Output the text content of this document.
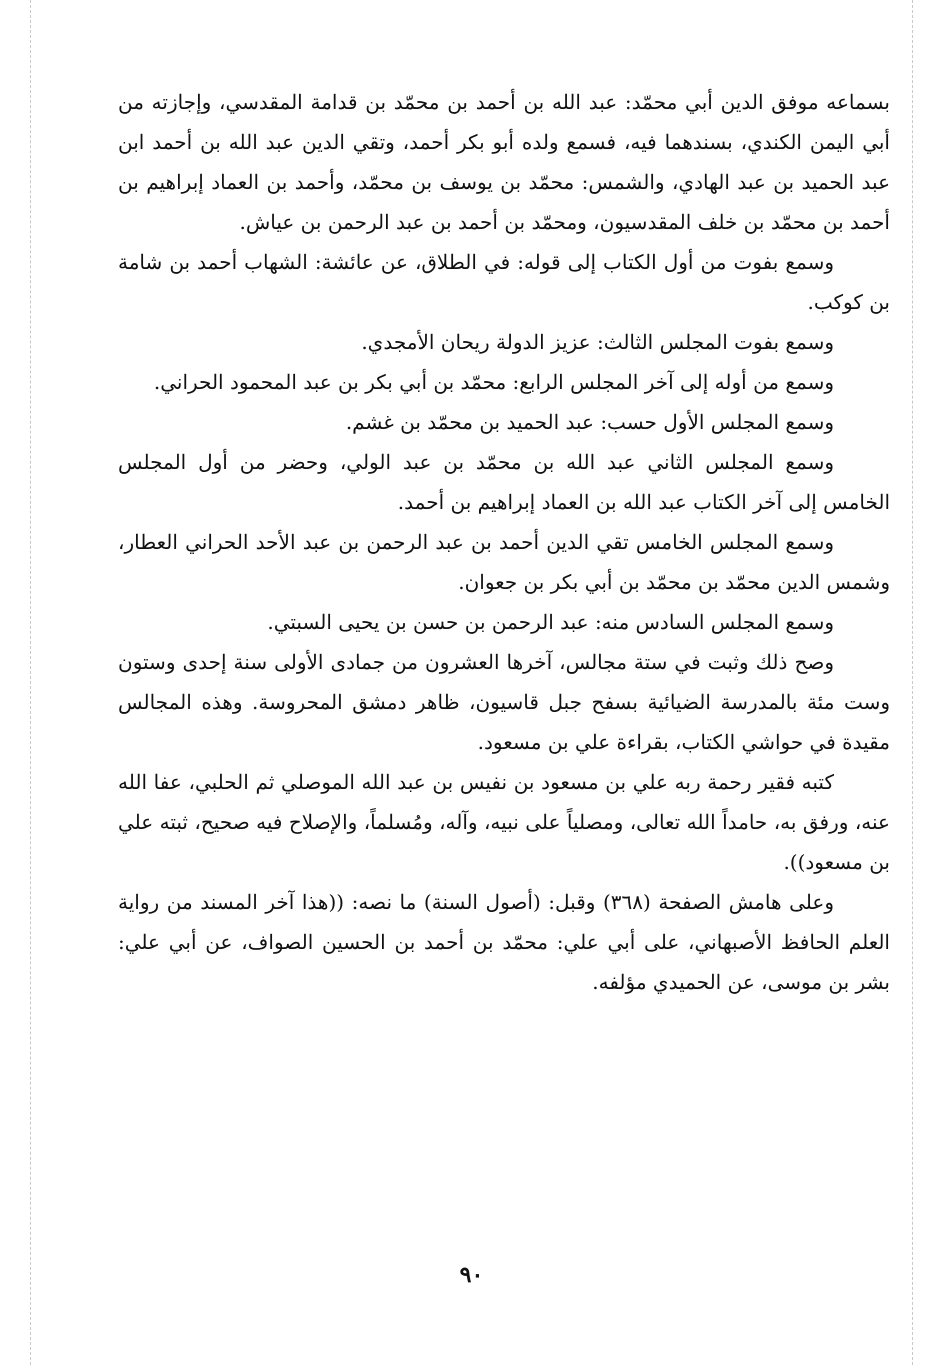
بسماعه موفق الدين أبي محمّد: عبد الله بن أحمد بن محمّد بن قدامة المقدسي، وإجازته من أبي اليمن الكندي، بسندهما فيه، فسمع ولده أبو بكر أحمد، وتقي الدين عبد الله بن أحمد ابن عبد الحميد بن عبد الهادي، والشمس: محمّد بن يوسف بن محمّد، وأحمد بن العماد إبراهيم بن أحمد بن محمّد بن خلف المقدسيون، ومحمّد بن أحمد بن عبد الرحمن بن عياش.

وسمع بفوت من أول الكتاب إلى قوله: في الطلاق، عن عائشة: الشهاب أحمد بن شامة بن كوكب.

وسمع بفوت المجلس الثالث: عزيز الدولة ريحان الأمجدي.

وسمع من أوله إلى آخر المجلس الرابع: محمّد بن أبي بكر بن عبد المحمود الحراني.

وسمع المجلس الأول حسب: عبد الحميد بن محمّد بن غشم.

وسمع المجلس الثاني عبد الله بن محمّد بن عبد الولي، وحضر من أول المجلس الخامس إلى آخر الكتاب عبد الله بن العماد إبراهيم بن أحمد.

وسمع المجلس الخامس تقي الدين أحمد بن عبد الرحمن بن عبد الأحد الحراني العطار، وشمس الدين محمّد بن محمّد بن أبي بكر بن جعوان.

وسمع المجلس السادس منه: عبد الرحمن بن حسن بن يحيى السبتي.

وصح ذلك وثبت في ستة مجالس، آخرها العشرون من جمادى الأولى سنة إحدى وستون وست مئة بالمدرسة الضيائية بسفح جبل قاسيون، ظاهر دمشق المحروسة. وهذه المجالس مقيدة في حواشي الكتاب، بقراءة علي بن مسعود.

كتبه فقير رحمة ربه علي بن مسعود بن نفيس بن عبد الله الموصلي ثم الحلبي، عفا الله عنه، ورفق به، حامداً الله تعالى، ومصلياً على نبيه، وآله، ومُسلماً، والإصلاح فيه صحيح، ثبته علي بن مسعود)).

وعلى هامش الصفحة (٣٦٨) وقبل: (أصول السنة) ما نصه: ((هذا آخر المسند من رواية العلم الحافظ الأصبهاني، على أبي علي: محمّد بن أحمد بن الحسين الصواف، عن أبي علي: بشر بن موسى، عن الحميدي مؤلفه.

٩٠
